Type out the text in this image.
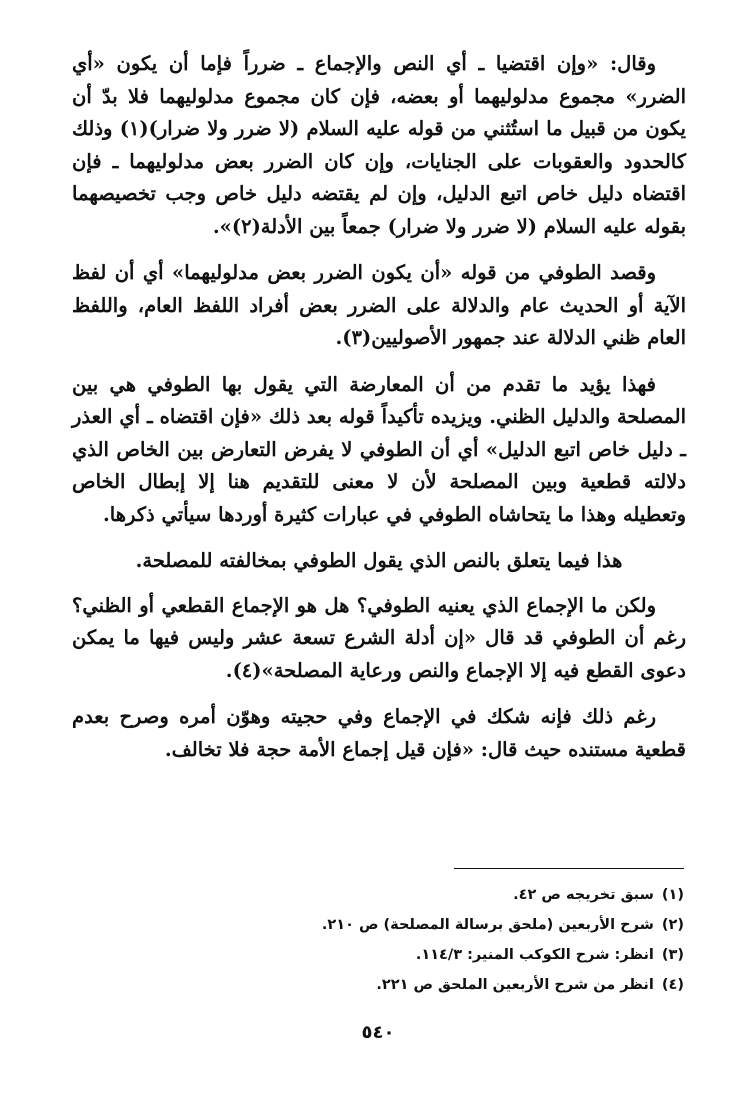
وقال: «وإن اقتضيا ـ أي النص والإجماع ـ ضرراً فإما أن يكون «أي الضرر» مجموع مدلوليهما أو بعضه، فإن كان مجموع مدلوليهما فلا بدّ أن يكون من قبيل ما استُثني من قوله عليه السلام (لا ضرر ولا ضرار)(١) وذلك كالحدود والعقوبات على الجنايات، وإن كان الضرر بعض مدلوليهما ـ فإن اقتضاه دليل خاص اتبع الدليل، وإن لم يقتضه دليل خاص وجب تخصيصهما بقوله عليه السلام (لا ضرر ولا ضرار) جمعاً بين الأدلة(٢)».

وقصد الطوفي من قوله «أن يكون الضرر بعض مدلوليهما» أي أن لفظ الآية أو الحديث عام والدلالة على الضرر بعض أفراد اللفظ العام، واللفظ العام ظني الدلالة عند جمهور الأصوليين(٣).

فهذا يؤيد ما تقدم من أن المعارضة التي يقول بها الطوفي هي بين المصلحة والدليل الظني. ويزيده تأكيداً قوله بعد ذلك «فإن اقتضاه ـ أي العذر ـ دليل خاص اتبع الدليل» أي أن الطوفي لا يفرض التعارض بين الخاص الذي دلالته قطعية وبين المصلحة لأن لا معنى للتقديم هنا إلا إبطال الخاص وتعطيله وهذا ما يتحاشاه الطوفي في عبارات كثيرة أوردها سيأتي ذكرها.

هذا فيما يتعلق بالنص الذي يقول الطوفي بمخالفته للمصلحة.

ولكن ما الإجماع الذي يعنيه الطوفي؟ هل هو الإجماع القطعي أو الظني؟ رغم أن الطوفي قد قال «إن أدلة الشرع تسعة عشر وليس فيها ما يمكن دعوى القطع فيه إلا الإجماع والنص ورعاية المصلحة»(٤).

رغم ذلك فإنه شكك في الإجماع وفي حجيته وهوّن أمره وصرح بعدم قطعية مستنده حيث قال: «فإن قيل إجماع الأمة حجة فلا تخالف.

(١)
سبق تخريجه ص ٤٢.

(٢)
شرح الأربعين (ملحق برسالة المصلحة) ص ٢١٠.

(٣)
انظر: شرح الكوكب المنير: ١١٤/٣.

(٤)
انظر من شرح الأربعين الملحق ص ٢٢١.

٥٤٠
